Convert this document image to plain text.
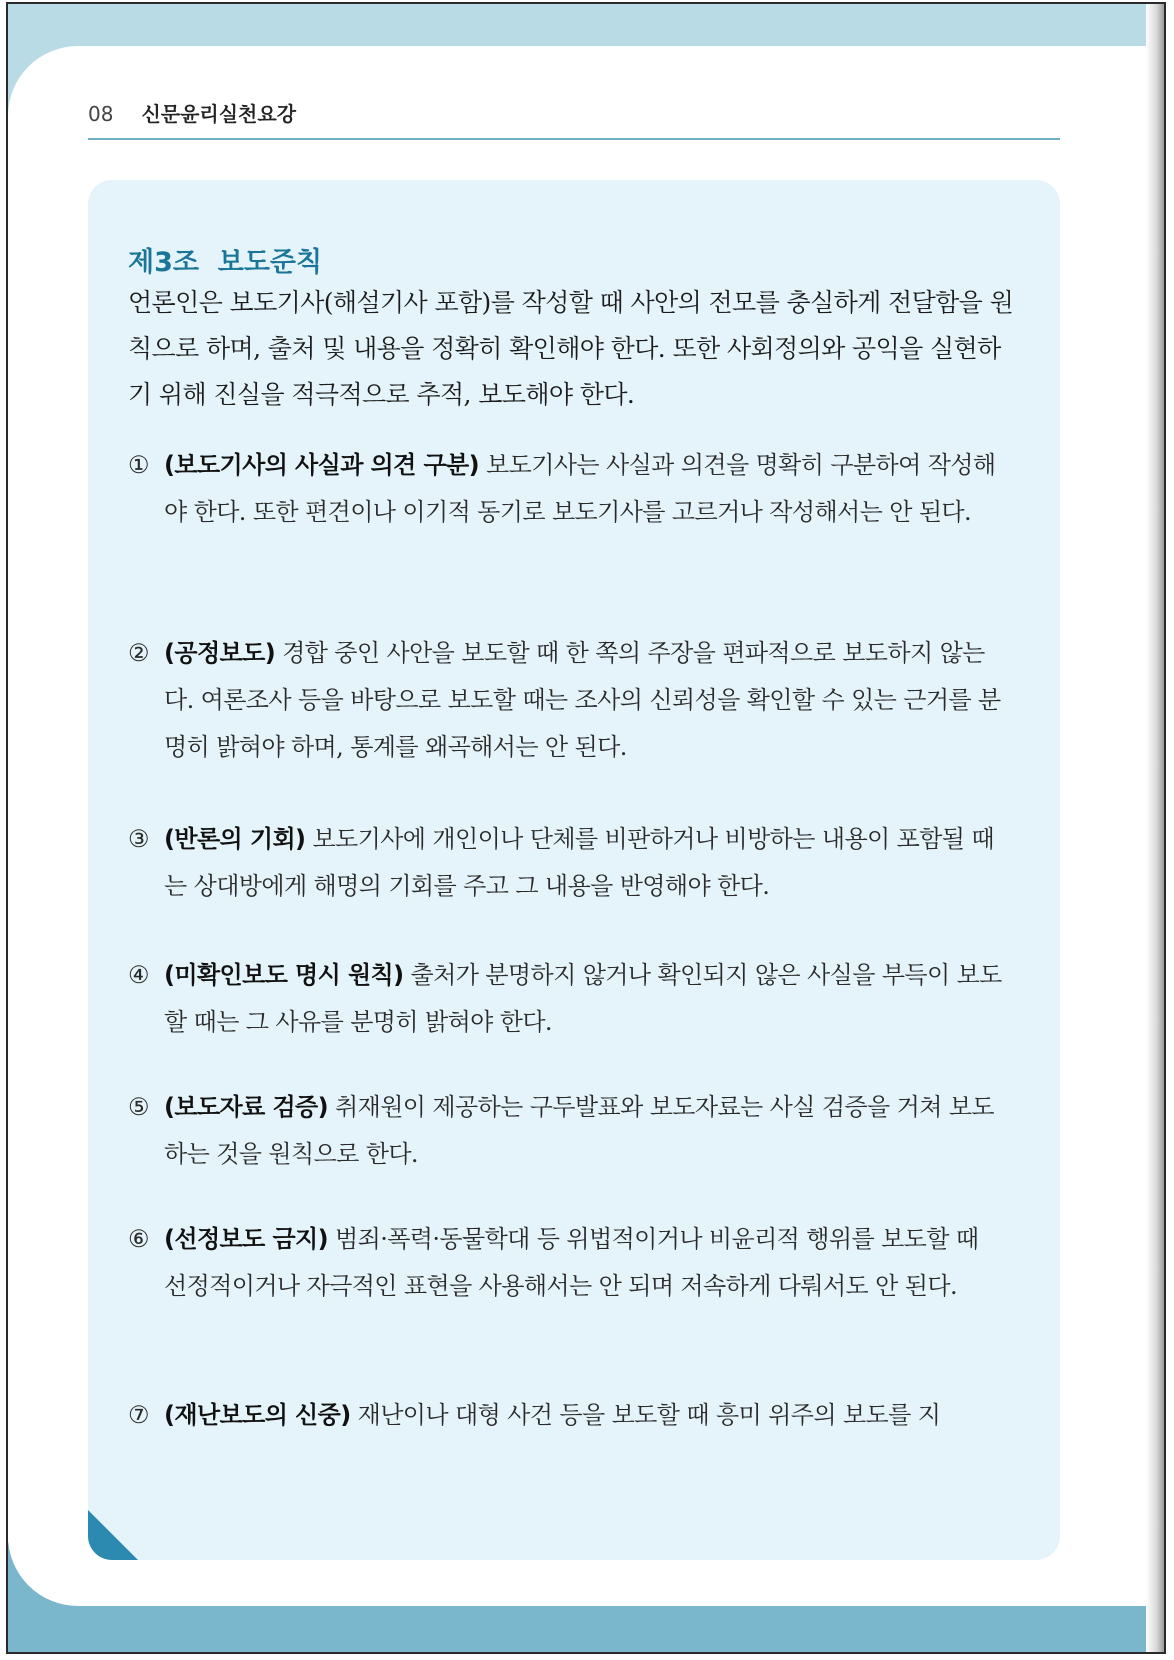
08 신문윤리실천요강
제3조  보도준칙
언론인은 보도기사(해설기사 포함)를 작성할 때 사안의 전모를 충실하게 전달함을 원칙으로 하며, 출처 및 내용을 정확히 확인해야 한다. 또한 사회정의와 공익을 실현하기 위해 진실을 적극적으로 추적, 보도해야 한다.
① (보도기사의 사실과 의견 구분) 보도기사는 사실과 의견을 명확히 구분하여 작성해야 한다. 또한 편견이나 이기적 동기로 보도기사를 고르거나 작성해서는 안 된다.
② (공정보도) 경합 중인 사안을 보도할 때 한 쪽의 주장을 편파적으로 보도하지 않는다. 여론조사 등을 바탕으로 보도할 때는 조사의 신뢰성을 확인할 수 있는 근거를 분명히 밝혀야 하며, 통계를 왜곡해서는 안 된다.
③ (반론의 기회) 보도기사에 개인이나 단체를 비판하거나 비방하는 내용이 포함될 때는 상대방에게 해명의 기회를 주고 그 내용을 반영해야 한다.
④ (미확인보도 명시 원칙) 출처가 분명하지 않거나 확인되지 않은 사실을 부득이 보도할 때는 그 사유를 분명히 밝혀야 한다.
⑤ (보도자료 검증) 취재원이 제공하는 구두발표와 보도자료는 사실 검증을 거쳐 보도하는 것을 원칙으로 한다.
⑥ (선정보도 금지) 범죄·폭력·동물학대 등 위법적이거나 비윤리적 행위를 보도할 때 선정적이거나 자극적인 표현을 사용해서는 안 되며 저속하게 다뤄서도 안 된다.
⑦ (재난보도의 신중) 재난이나 대형 사건 등을 보도할 때 흥미 위주의 보도를 지
